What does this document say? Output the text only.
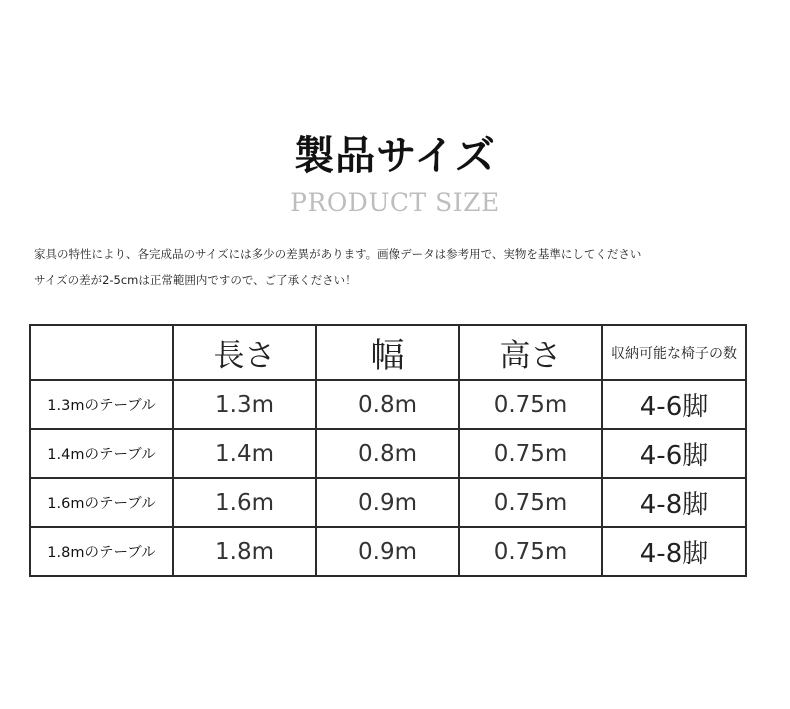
製品サイズ
PRODUCT SIZE
家具の特性により、各完成品のサイズには多少の差異があります。画像データは参考用で、実物を基準にしてください
サイズの差が2-5cmは正常範囲内ですので、ご了承ください！
	長さ	幅	高さ	収納可能な椅子の数
1.3mのテーブル	1.3m	0.8m	0.75m	4-6脚
1.4mのテーブル	1.4m	0.8m	0.75m	4-6脚
1.6mのテーブル	1.6m	0.9m	0.75m	4-8脚
1.8mのテーブル	1.8m	0.9m	0.75m	4-8脚
